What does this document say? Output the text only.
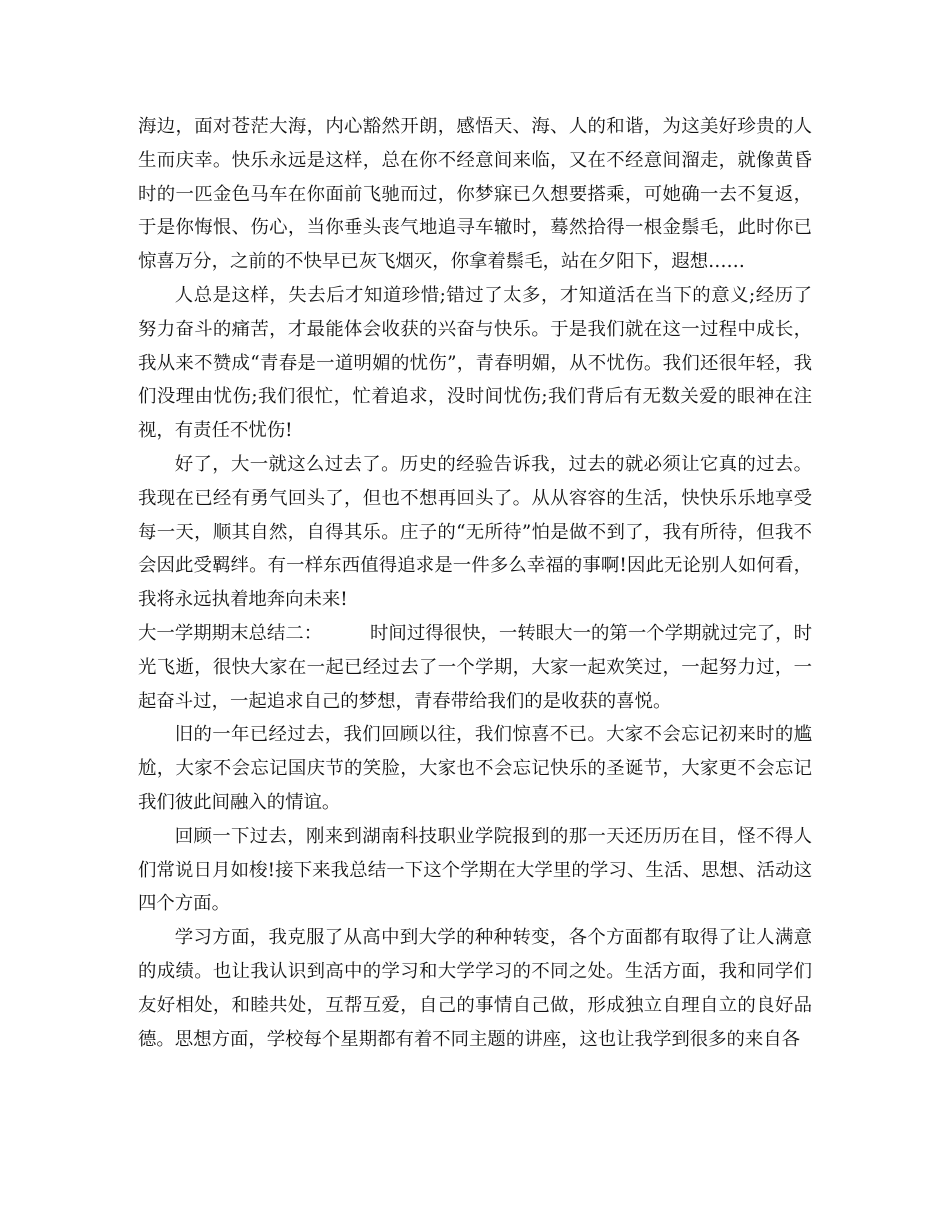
海边，面对苍茫大海，内心豁然开朗，感悟天、海、人的和谐，为这美好珍贵的人生而庆幸。快乐永远是这样，总在你不经意间来临，又在不经意间溜走，就像黄昏时的一匹金色马车在你面前飞驰而过，你梦寐已久想要搭乘，可她确一去不复返，于是你悔恨、伤心，当你垂头丧气地追寻车辙时，蓦然拾得一根金鬃毛，此时你已惊喜万分，之前的不快早已灰飞烟灭，你拿着鬃毛，站在夕阳下，遐想……

人总是这样，失去后才知道珍惜;错过了太多，才知道活在当下的意义;经历了努力奋斗的痛苦，才最能体会收获的兴奋与快乐。于是我们就在这一过程中成长，我从来不赞成“青春是一道明媚的忧伤”，青春明媚，从不忧伤。我们还很年轻，我们没理由忧伤;我们很忙，忙着追求，没时间忧伤;我们背后有无数关爱的眼神在注视，有责任不忧伤!

好了，大一就这么过去了。历史的经验告诉我，过去的就必须让它真的过去。我现在已经有勇气回头了，但也不想再回头了。从从容容的生活，快快乐乐地享受每一天，顺其自然，自得其乐。庄子的“无所待”怕是做不到了，我有所待，但我不会因此受羁绊。有一样东西值得追求是一件多么幸福的事啊!因此无论别人如何看，我将永远执着地奔向未来!

大一学期期末总结二：	时间过得很快，一转眼大一的第一个学期就过完了，时光飞逝，很快大家在一起已经过去了一个学期，大家一起欢笑过，一起努力过，一起奋斗过，一起追求自己的梦想，青春带给我们的是收获的喜悦。

旧的一年已经过去，我们回顾以往，我们惊喜不已。大家不会忘记初来时的尴尬，大家不会忘记国庆节的笑脸，大家也不会忘记快乐的圣诞节，大家更不会忘记我们彼此间融入的情谊。

回顾一下过去，刚来到湖南科技职业学院报到的那一天还历历在目，怪不得人们常说日月如梭!接下来我总结一下这个学期在大学里的学习、生活、思想、活动这四个方面。

学习方面，我克服了从高中到大学的种种转变，各个方面都有取得了让人满意的成绩。也让我认识到高中的学习和大学学习的不同之处。生活方面，我和同学们友好相处，和睦共处，互帮互爱，自己的事情自己做，形成独立自理自立的良好品德。思想方面，学校每个星期都有着不同主题的讲座，这也让我学到很多的来自各
